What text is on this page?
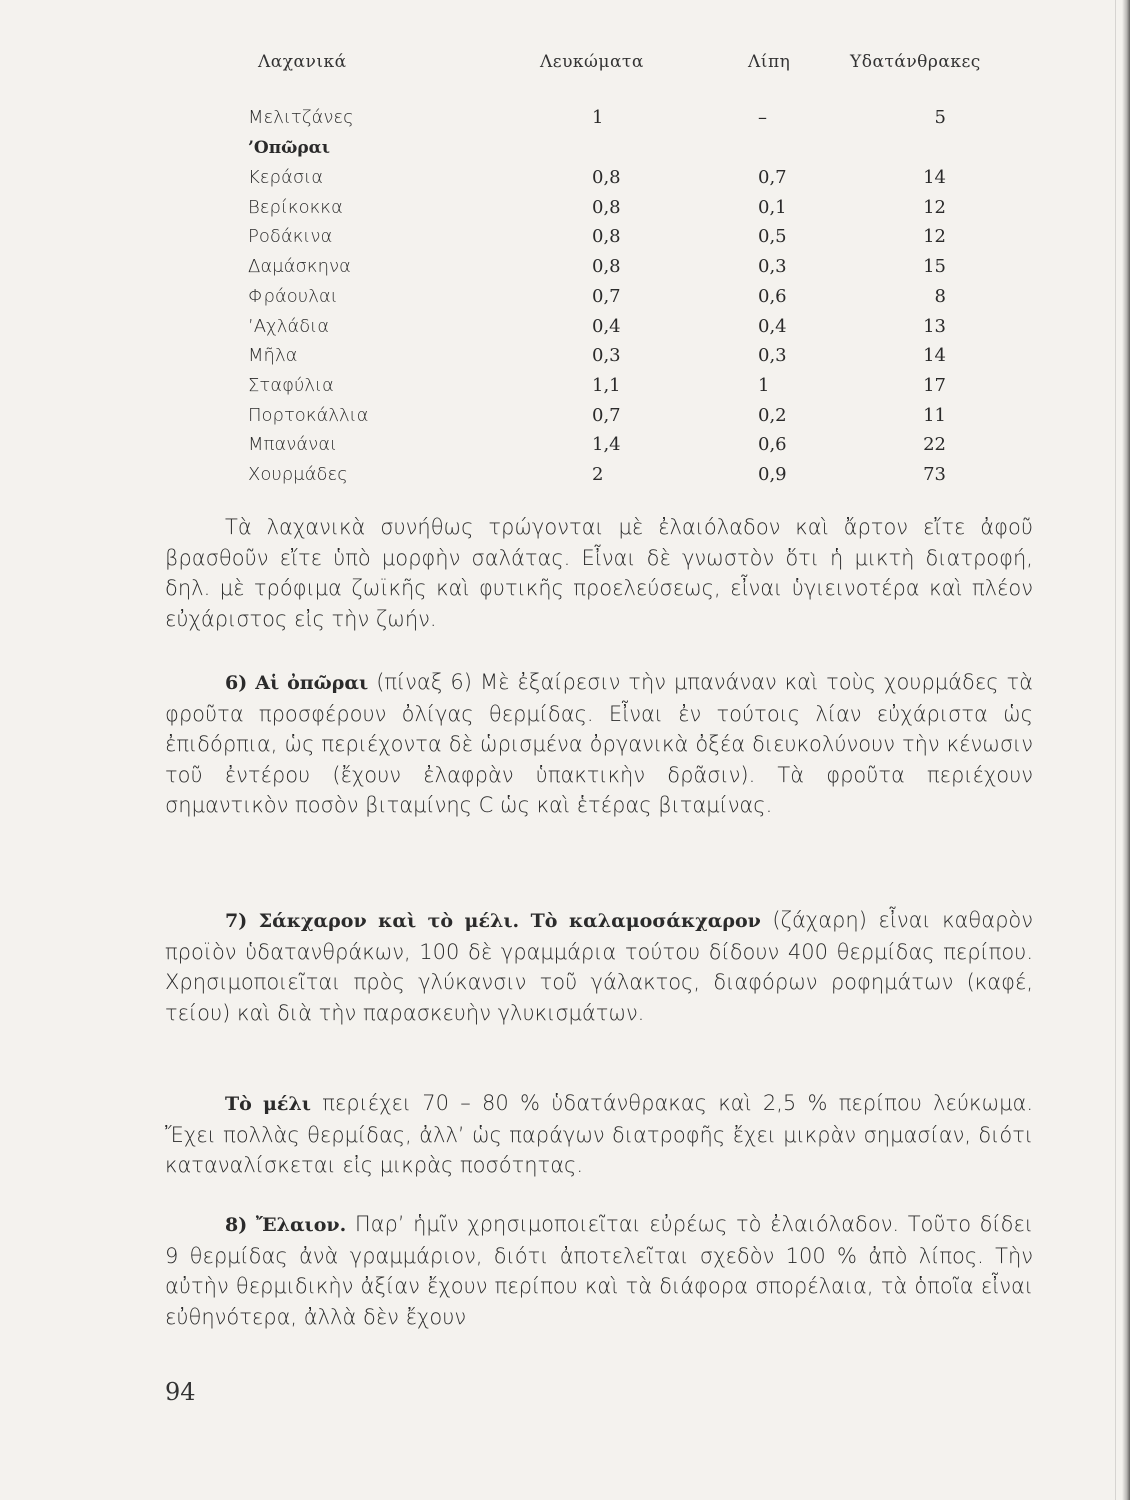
Λαχανικά	Λευκώματα	Λίπη	Υδατάνθρακες
Μελιτζάνες	1	–	5
’Οπῶραι
Κεράσια	0,8	0,7	14
Βερίκοκκα	0,8	0,1	12
Ροδάκινα	0,8	0,5	12
Δαμάσκηνα	0,8	0,3	15
Φράουλαι	0,7	0,6	8
’Αχλάδια	0,4	0,4	13
Μῆλα	0,3	0,3	14
Σταφύλια	1,1	1	17
Πορτοκάλλια	0,7	0,2	11
Μπανάναι	1,4	0,6	22
Χουρμάδες	2	0,9	73
Τὰ λαχανικὰ συνήθως τρώγονται μὲ ἐλαιόλαδον καὶ ἄρτον εἴτε ἀφοῦ βρασθοῦν εἴτε ὑπὸ μορφὴν σαλάτας. Εἶναι δὲ γνωστὸν ὅτι ἡ μικτὴ διατροφή, δηλ. μὲ τρόφιμα ζωϊκῆς καὶ φυτικῆς προελεύσεως, εἶναι ὑγιεινοτέρα καὶ πλέον εὐχάριστος εἰς τὴν ζωήν.
6) Αἱ ὀπῶραι (πίναξ 6) Μὲ ἐξαίρεσιν τὴν μπανάναν καὶ τοὺς χουρμάδες τὰ φροῦτα προσφέρουν ὀλίγας θερμίδας. Εἶναι ἐν τούτοις λίαν εὐχάριστα ὡς ἐπιδόρπια, ὡς περιέχοντα δὲ ὡρισμένα ὀργανικὰ ὀξέα διευκολύνουν τὴν κένωσιν τοῦ ἐντέρου (ἔχουν ἐλαφρὰν ὑπακτικὴν δρᾶσιν). Τὰ φροῦτα περιέχουν σημαντικὸν ποσὸν βιταμίνης C ὡς καὶ ἑτέρας βιταμίνας.
7) Σάκχαρον καὶ τὸ μέλι. Τὸ καλαμοσάκχαρον (ζάχαρη) εἶναι καθαρὸν προϊὸν ὑδατανθράκων, 100 δὲ γραμμάρια τούτου δίδουν 400 θερμίδας περίπου. Χρησιμοποιεῖται πρὸς γλύκανσιν τοῦ γάλακτος, διαφόρων ροφημάτων (καφέ, τείου) καὶ διὰ τὴν παρασκευὴν γλυκισμάτων.
Τὸ μέλι περιέχει 70 – 80 % ὑδατάνθρακας καὶ 2,5 % περίπου λεύκωμα. Ἔχει πολλὰς θερμίδας, ἀλλ’ ὡς παράγων διατροφῆς ἔχει μικρὰν σημασίαν, διότι καταναλίσκεται εἰς μικρὰς ποσότητας.
8) Ἔλαιον. Παρ’ ἡμῖν χρησιμοποιεῖται εὐρέως τὸ ἐλαιόλαδον. Τοῦτο δίδει 9 θερμίδας ἀνὰ γραμμάριον, διότι ἀποτελεῖται σχεδὸν 100 % ἀπὸ λίπος. Τὴν αὐτὴν θερμιδικὴν ἀξίαν ἔχουν περίπου καὶ τὰ διάφορα σπορέλαια, τὰ ὁποῖα εἶναι εὐθηνότερα, ἀλλὰ δὲν ἔχουν
94
